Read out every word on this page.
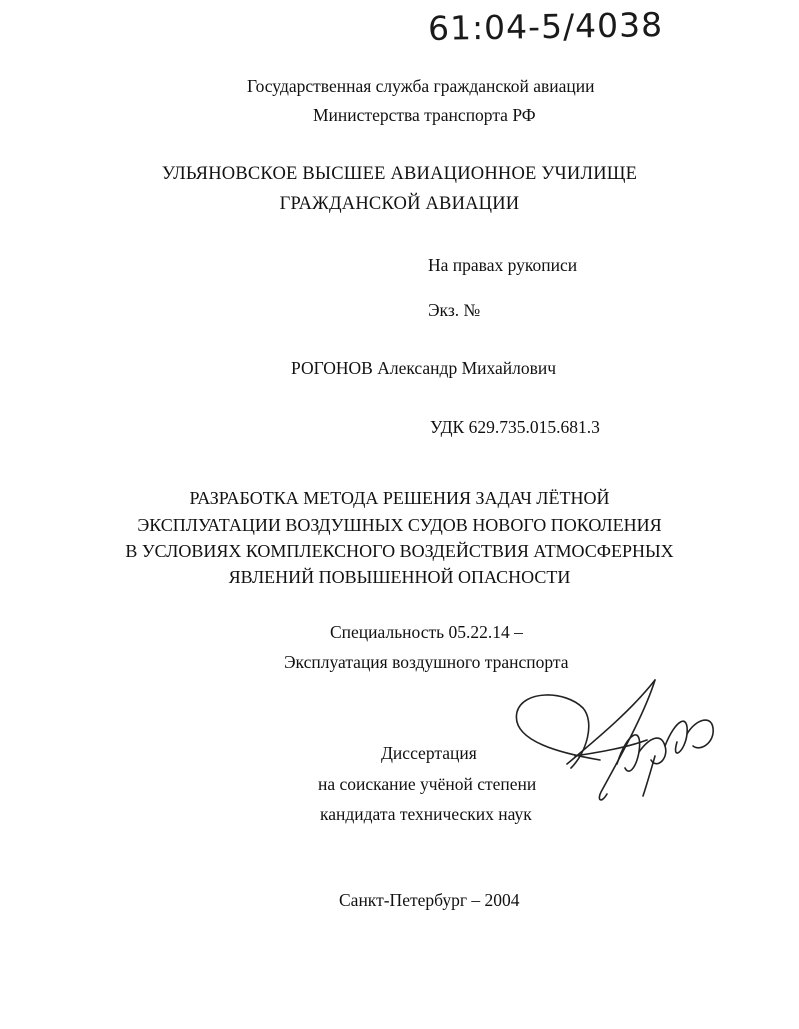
61:04-5/4038
Государственная служба гражданской авиации
Министерства транспорта РФ
УЛЬЯНОВСКОЕ ВЫСШЕЕ АВИАЦИОННОЕ УЧИЛИЩЕ
ГРАЖДАНСКОЙ АВИАЦИИ
На правах рукописи
Экз. №
РОГОНОВ Александр Михайлович
УДК 629.735.015.681.3
РАЗРАБОТКА МЕТОДА РЕШЕНИЯ ЗАДАЧ ЛЁТНОЙ
ЭКСПЛУАТАЦИИ ВОЗДУШНЫХ СУДОВ НОВОГО ПОКОЛЕНИЯ
В УСЛОВИЯХ КОМПЛЕКСНОГО ВОЗДЕЙСТВИЯ АТМОСФЕРНЫХ
ЯВЛЕНИЙ ПОВЫШЕННОЙ ОПАСНОСТИ
Специальность 05.22.14 –
Эксплуатация воздушного транспорта
Диссертация
на соискание учёной степени
кандидата технических наук
Санкт-Петербург – 2004
